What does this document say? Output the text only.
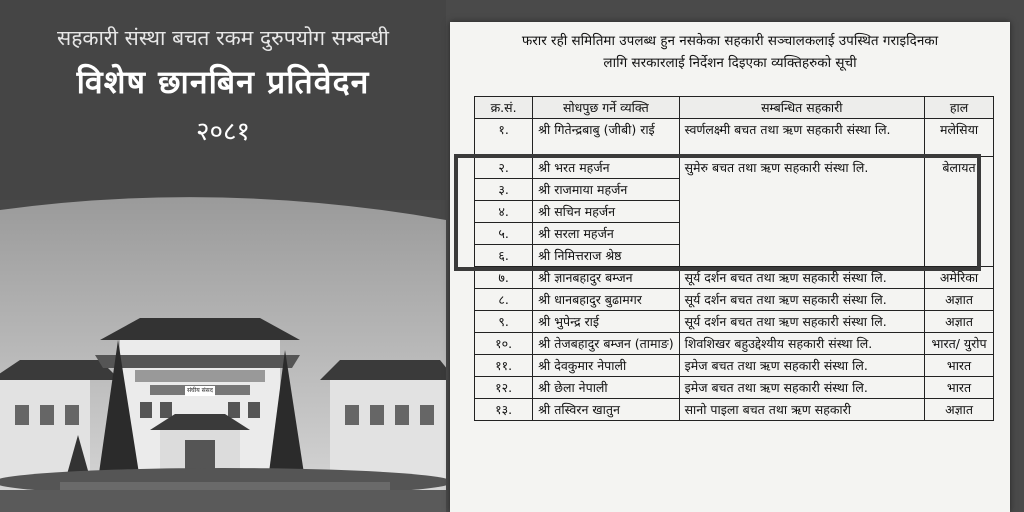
सहकारी संस्था बचत रकम दुरुपयोग सम्बन्धी
विशेष छानबिन प्रतिवेदन
२०८१
संघीय संसद
फरार रही समितिमा उपलब्ध हुन नसकेका सहकारी सञ्चालकलाई उपस्थित गराइदिनका
लागि सरकारलाई निर्देशन दिइएका व्यक्तिहरुको सूची
क्र.सं.	सोधपुछ गर्ने व्यक्ति	सम्बन्धित सहकारी	हाल
१.	श्री गितेन्द्रबाबु (जीबी) राई	स्वर्णलक्ष्मी बचत तथा ऋण सहकारी संस्था लि.	मलेसिया
२.	श्री भरत महर्जन	सुमेरु बचत तथा ऋण सहकारी संस्था लि.	बेलायत
३.	श्री राजमाया महर्जन		
४.	श्री सचिन महर्जन		
५.	श्री सरला महर्जन		
६.	श्री निमित्तराज श्रेष्ठ		
७.	श्री ज्ञानबहादुर बम्जन	सूर्य दर्शन बचत तथा ऋण सहकारी संस्था लि.	अमेरिका
८.	श्री धानबहादुर बुढामगर	सूर्य दर्शन बचत तथा ऋण सहकारी संस्था लि.	अज्ञात
९.	श्री भुपेन्द्र राई	सूर्य दर्शन बचत तथा ऋण सहकारी संस्था लि.	अज्ञात
१०.	श्री तेजबहादुर बम्जन (तामाङ)	शिवशिखर बहुउद्देश्यीय सहकारी संस्था लि.	भारत/ युरोप
११.	श्री देवकुमार नेपाली	इमेज बचत तथा ऋण सहकारी संस्था लि.	भारत
१२.	श्री छेला नेपाली	इमेज बचत तथा ऋण सहकारी संस्था लि.	भारत
१३.	श्री तस्विरन खातुन	सानो पाइला बचत तथा ऋण सहकारी	अज्ञात
